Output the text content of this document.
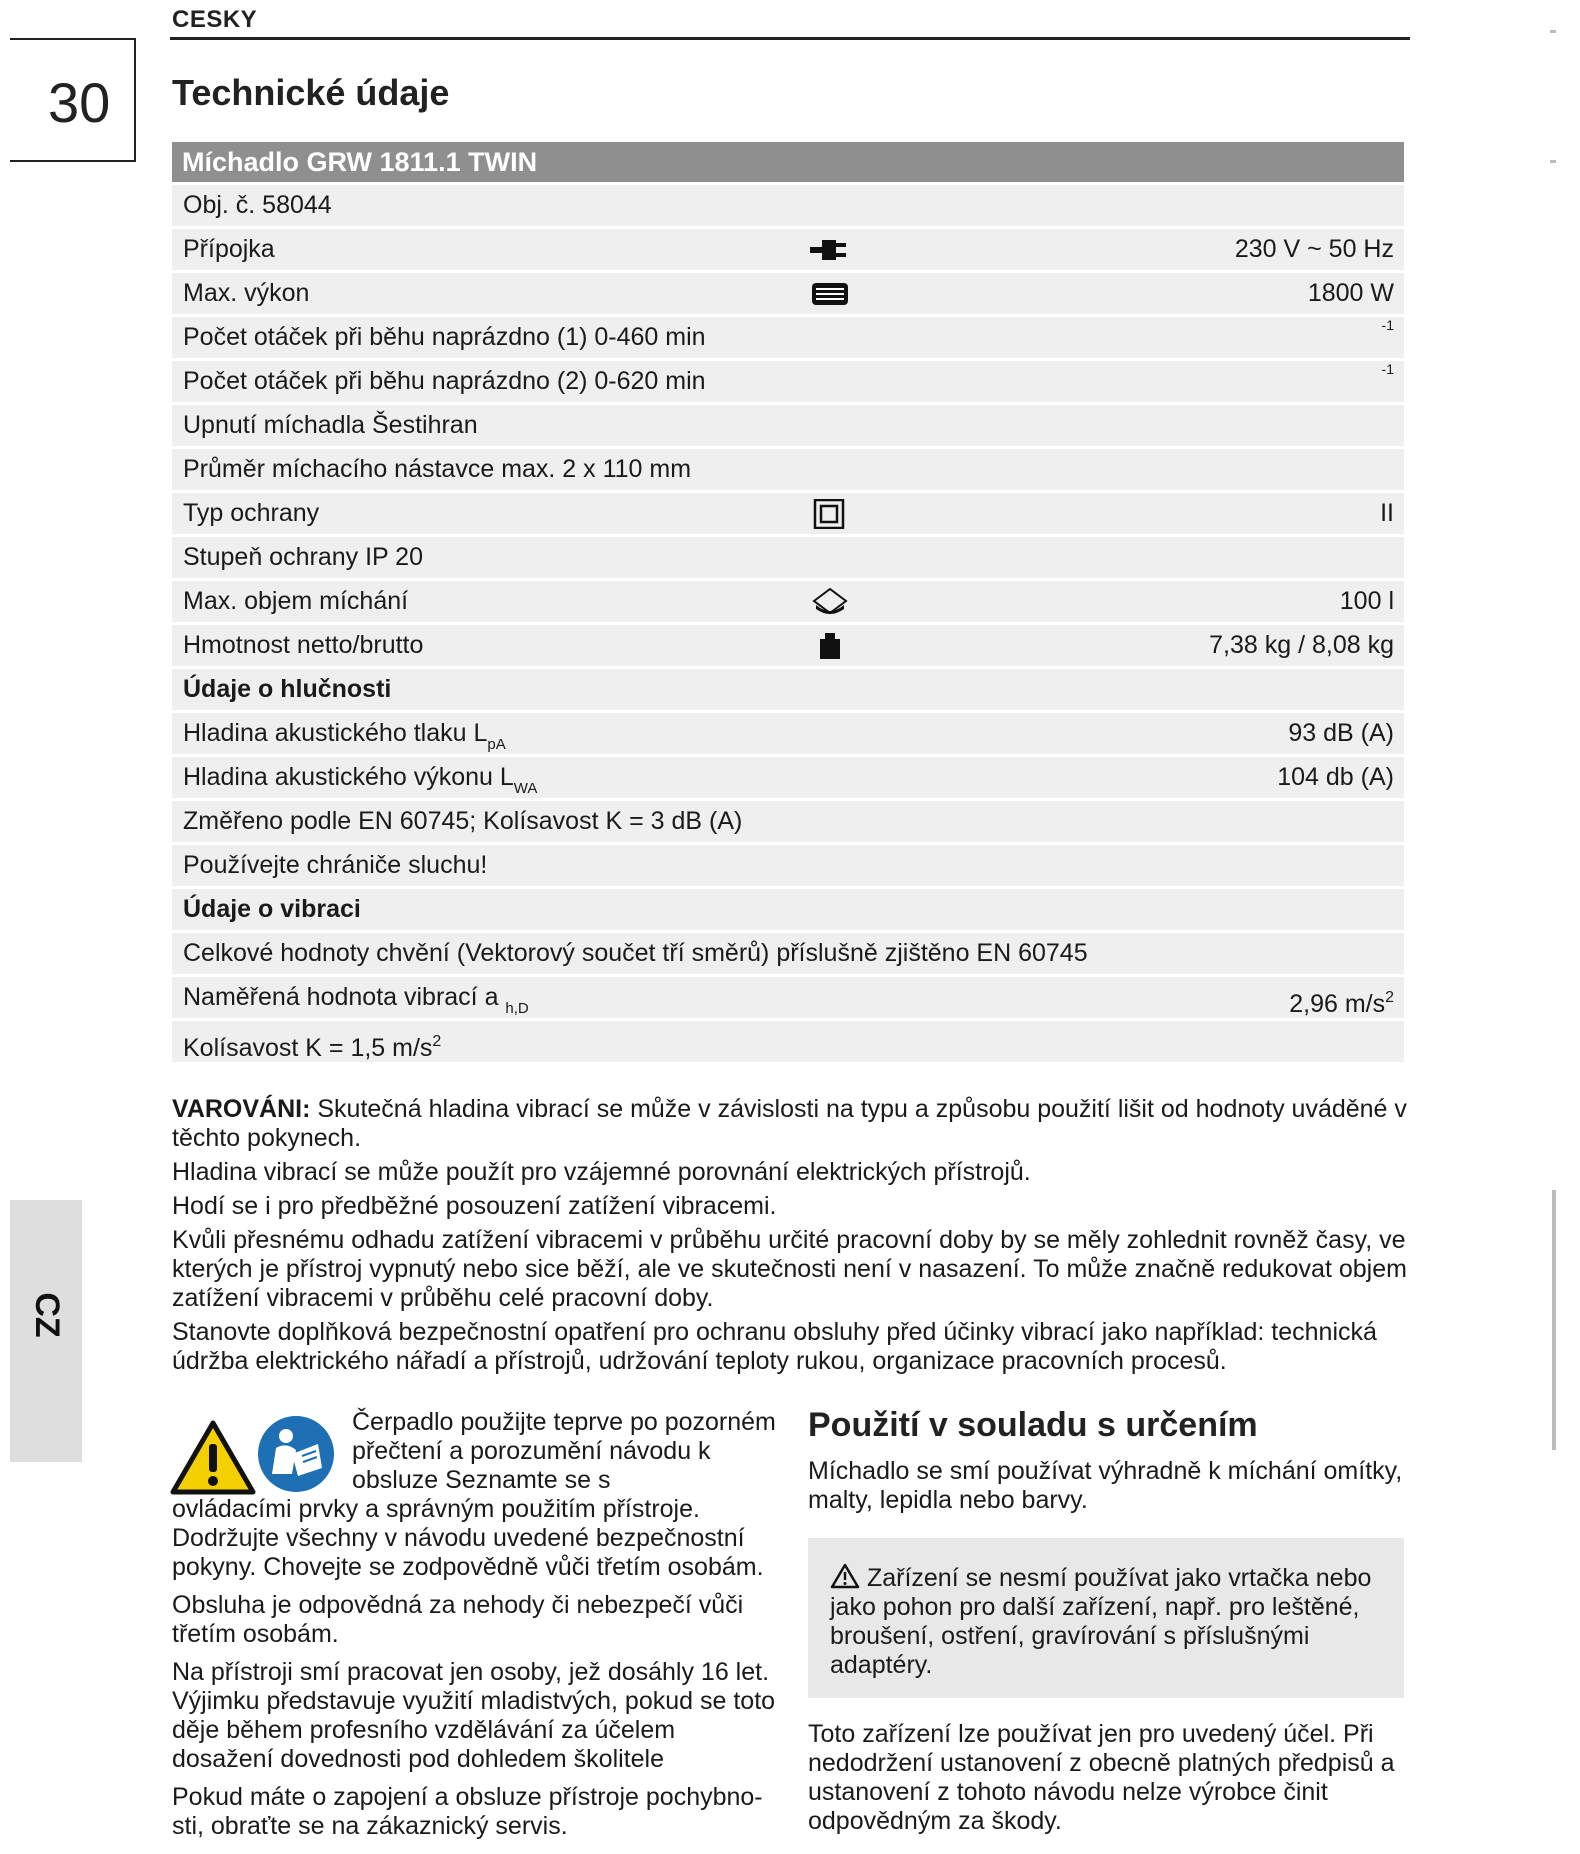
CESKY
30 Technické údaje
Míchadlo GRW 1811.1 TWIN
Obj. č. 58044
Přípojka	230 V ~ 50 Hz
Max. výkon	1800 W
Počet otáček při běhu naprázdno (1) 0-460 min	-1
Počet otáček při běhu naprázdno (2) 0-620 min	-1
Upnutí míchadla Šestihran
Průměr míchacího nástavce max. 2 x 110 mm
Typ ochrany	II
Stupeň ochrany IP 20
Max. objem míchání	100 l
Hmotnost netto/brutto	7,38 kg / 8,08 kg
Údaje o hlučnosti
Hladina akustického tlaku $L_{pA}$	93 dB (A)
Hladina akustického výkonu $L_{WA}$	104 db (A)
Změřeno podle EN 60745; Kolísavost K = 3 dB (A)
Používejte chrániče sluchu!
Údaje o vibraci
Celkové hodnoty chvění (Vektorový součet tří směrů) příslušně zjištěno EN 60745
Naměřená hodnota vibrací a $_{h,D}$	2,96 $m/s^2$
Kolísavost K = 1,5 $m/s^2$

VAROVÁNI: Skutečná hladina vibrací se může v závislosti na typu a způsobu použití lišit od hodnoty uváděné v těchto pokynech.

Hladina vibrací se může použít pro vzájemné porovnání elektrických přístrojů.

Hodí se i pro předběžné posouzení zatížení vibracemi.

Kvůli přesnému odhadu zatížení vibracemi v průběhu určité pracovní doby by se měly zohlednit rovněž časy, ve kterých je přístroj vypnutý nebo sice běží, ale ve skutečnosti není v nasazení. To může značně redukovat objem zatížení vibracemi v průběhu celé pracovní doby.

Stanovte doplňková bezpečnostní opatření pro ochranu obsluhy před účinky vibrací jako například: technická údržba elektrického nářadí a přístrojů, udržování teploty rukou, organizace pracovních procesů.

CZ

Čerpadlo použijte teprve po pozorném přečtení a porozumění návodu k obsluze Seznamte se s
ovládacími prvky a správným použitím přístroje. Dodržujte všechny v návodu uvedené bezpečnostní pokyny. Chovejte se zodpovědně vůči třetím osobám.

Obsluha je odpovědná za nehody či nebezpečí vůči třetím osobám.

Na přístroji smí pracovat jen osoby, jež dosáhly 16 let. Výjimku představuje využití mladistvých, pokud se toto děje během profesního vzdělávání za účelem dosažení dovednosti pod dohledem školitele

Pokud máte o zapojení a obsluze přístroje pochybno-sti, obraťte se na zákaznický servis.

Použití v souladu s určením

Míchadlo se smí používat výhradně k míchání omítky, malty, lepidla nebo barvy.

Zařízení se nesmí používat jako vrtačka nebo jako pohon pro další zařízení, např. pro leštěné, broušení, ostření, gravírování s příslušnými adaptéry.
Toto zařízení lze používat jen pro uvedený účel. Při nedodržení ustanovení z obecně platných předpisů a ustanovení z tohoto návodu nelze výrobce činit odpovědným za škody.
